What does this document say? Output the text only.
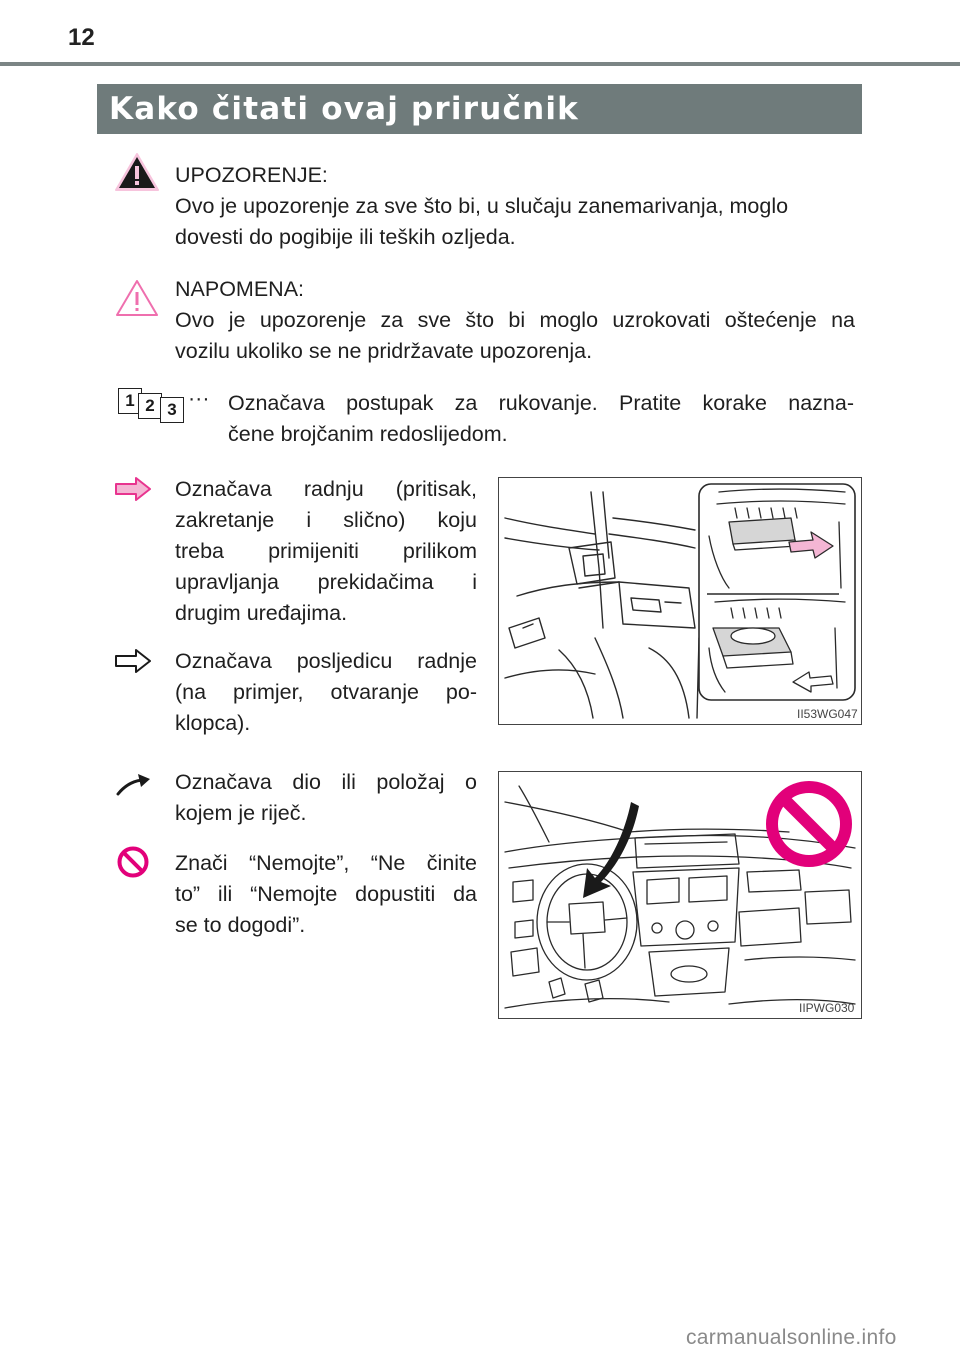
12
Kako čitati ovaj priručnik

UPOZORENJE:

Ovo je upozorenje za sve što bi, u slučaju zanemarivanja, moglo

dovesti do pogibije ili teških ozljeda.

NAPOMENA:

Ovo je upozorenje za sve što bi moglo uzrokovati oštećenje na

vozilu ukoliko se ne pridržavate upozorenja.

1 2 3 ··· Označava postupak za rukovanje. Pratite korake nazna-

čene brojčanim redoslijedom.

Označava radnju (pritisak,

zakretanje i slično) koju

treba primijeniti prilikom

upravljanja prekidačima i

drugim uređajima.

Označava posljedicu radnje

(na primjer, otvaranje po-

klopca).

Označava dio ili položaj o

kojem je riječ.

Znači “Nemojte”, “Ne činite

to” ili “Nemojte dopustiti da

se to dogodi”.

II53WG047
IIPWG030
carmanualsonline.info
